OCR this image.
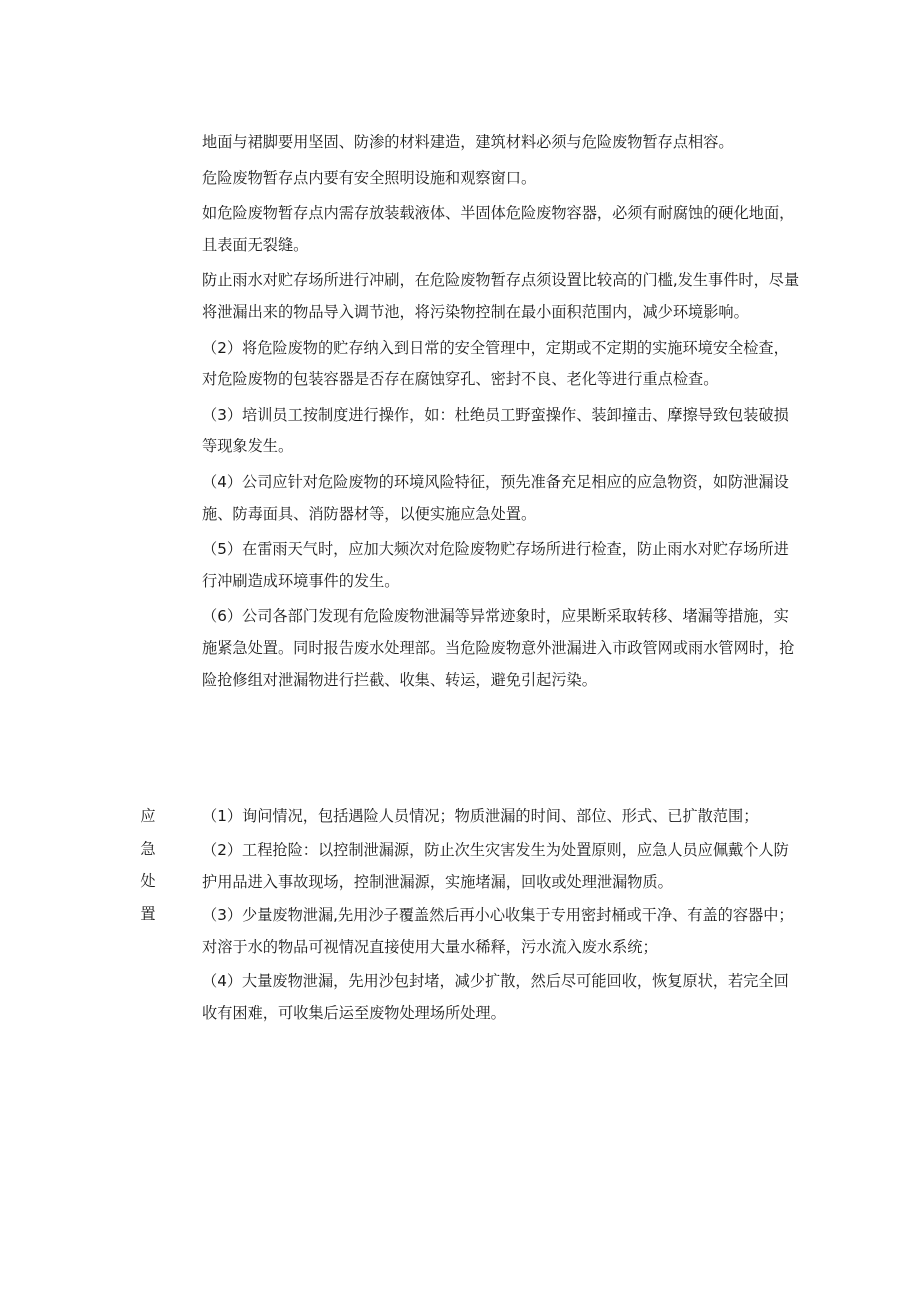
地面与裙脚要用坚固、防渗的材料建造，建筑材料必须与危险废物暂存点相容。

危险废物暂存点内要有安全照明设施和观察窗口。

如危险废物暂存点内需存放装载液体、半固体危险废物容器，必须有耐腐蚀的硬化地面，且表面无裂缝。

防止雨水对贮存场所进行冲刷，在危险废物暂存点须设置比较高的门槛,发生事件时，尽量将泄漏出来的物品导入调节池，将污染物控制在最小面积范围内，减少环境影响。

（2）将危险废物的贮存纳入到日常的安全管理中，定期或不定期的实施环境安全检查，对危险废物的包装容器是否存在腐蚀穿孔、密封不良、老化等进行重点检查。

（3）培训员工按制度进行操作，如：杜绝员工野蛮操作、装卸撞击、摩擦导致包装破损等现象发生。

（4）公司应针对危险废物的环境风险特征，预先准备充足相应的应急物资，如防泄漏设施、防毒面具、消防器材等，以便实施应急处置。

（5）在雷雨天气时，应加大频次对危险废物贮存场所进行检查，防止雨水对贮存场所进行冲刷造成环境事件的发生。

（6）公司各部门发现有危险废物泄漏等异常迹象时，应果断采取转移、堵漏等措施，实施紧急处置。同时报告废水处理部。当危险废物意外泄漏进入市政管网或雨水管网时，抢险抢修组对泄漏物进行拦截、收集、转运，避免引起污染。

应
急
处
置

（1）询问情况，包括遇险人员情况；物质泄漏的时间、部位、形式、已扩散范围；

（2）工程抢险：以控制泄漏源，防止次生灾害发生为处置原则，应急人员应佩戴个人防护用品进入事故现场，控制泄漏源，实施堵漏，回收或处理泄漏物质。

（3）少量废物泄漏,先用沙子覆盖然后再小心收集于专用密封桶或干净、有盖的容器中；对溶于水的物品可视情况直接使用大量水稀释，污水流入废水系统；

（4）大量废物泄漏，先用沙包封堵，减少扩散，然后尽可能回收，恢复原状，若完全回收有困难，可收集后运至废物处理场所处理。
